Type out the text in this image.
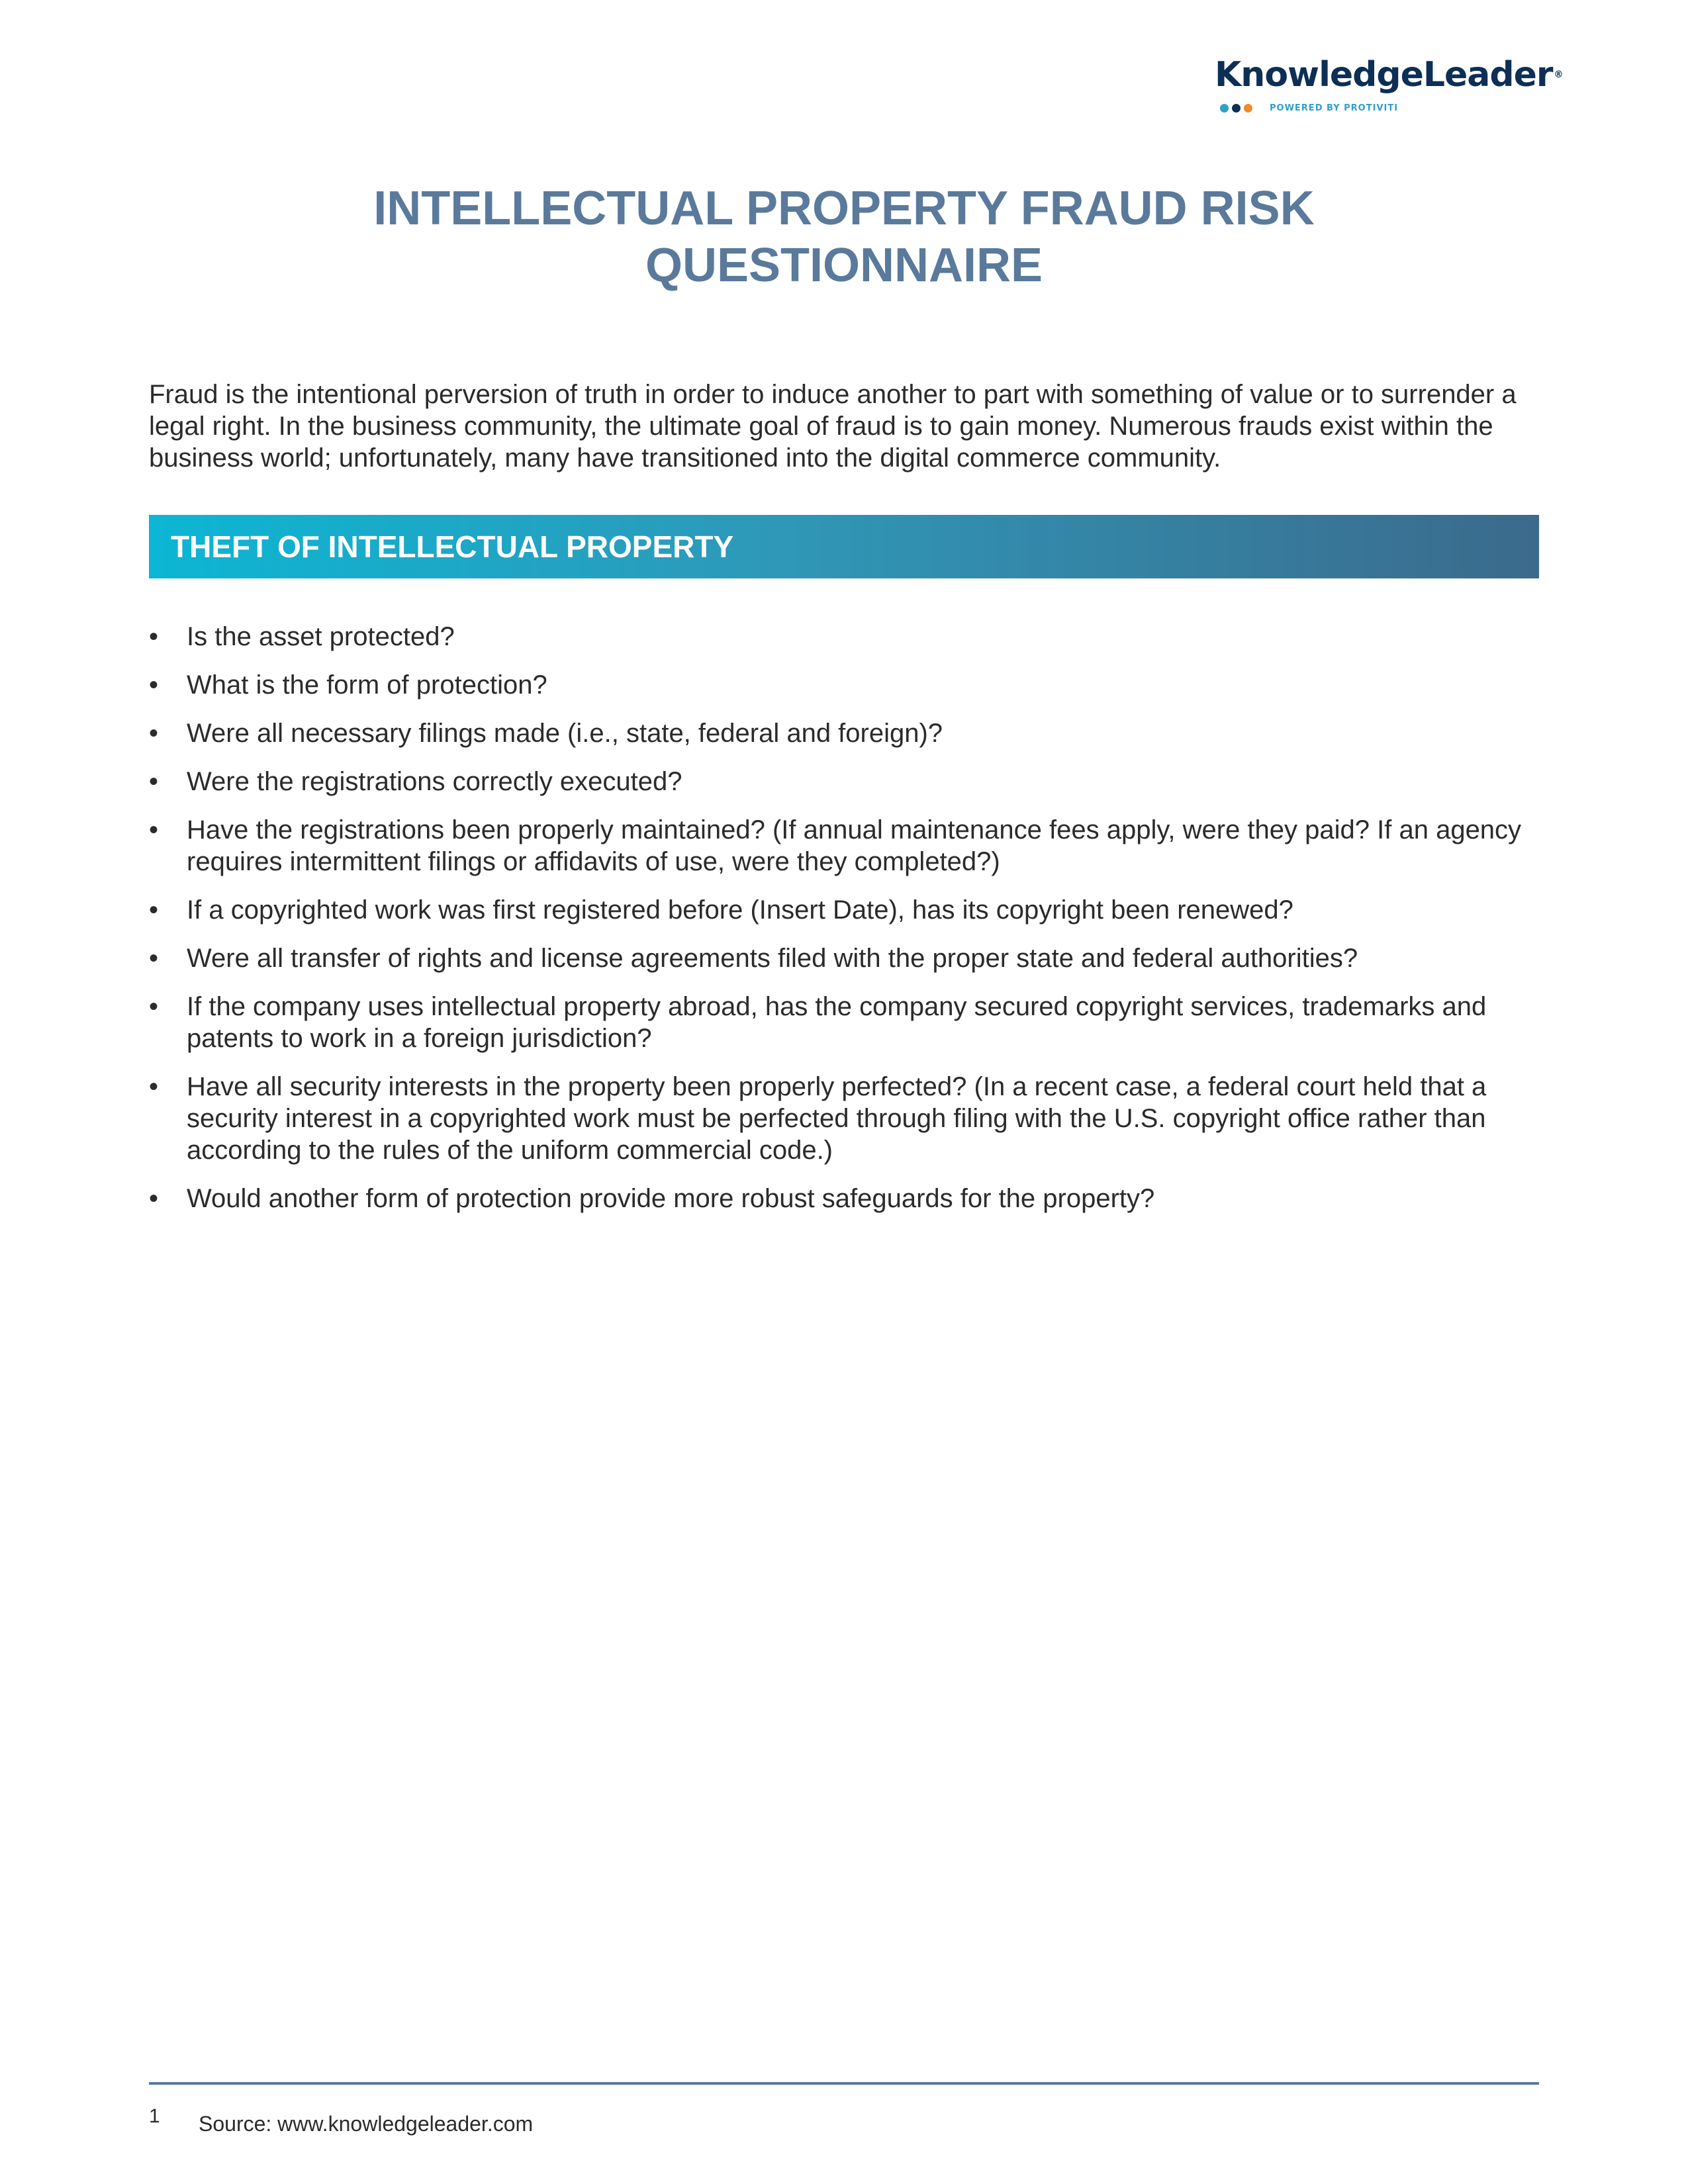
KnowledgeLeader ®
POWERED BY PROTIVITI
INTELLECTUAL PROPERTY FRAUD RISK
QUESTIONNAIRE

Fraud is the intentional perversion of truth in order to induce another to part with something of value or to surrender a legal right. In the business community, the ultimate goal of fraud is to gain money. Numerous frauds exist within the business world; unfortunately, many have transitioned into the digital commerce community.

THEFT OF INTELLECTUAL PROPERTY
• Is the asset protected?
• What is the form of protection?
• Were all necessary filings made (i.e., state, federal and foreign)?
• Were the registrations correctly executed?
• Have the registrations been properly maintained? (If annual maintenance fees apply, were they paid? If an agency requires intermittent filings or affidavits of use, were they completed?)
• If a copyrighted work was first registered before (Insert Date), has its copyright been renewed?
• Were all transfer of rights and license agreements filed with the proper state and federal authorities?
• If the company uses intellectual property abroad, has the company secured copyright services, trademarks and patents to work in a foreign jurisdiction?
• Have all security interests in the property been properly perfected? (In a recent case, a federal court held that a security interest in a copyrighted work must be perfected through filing with the U.S. copyright office rather than according to the rules of the uniform commercial code.)
• Would another form of protection provide more robust safeguards for the property?
1 Source: www.knowledgeleader.com
